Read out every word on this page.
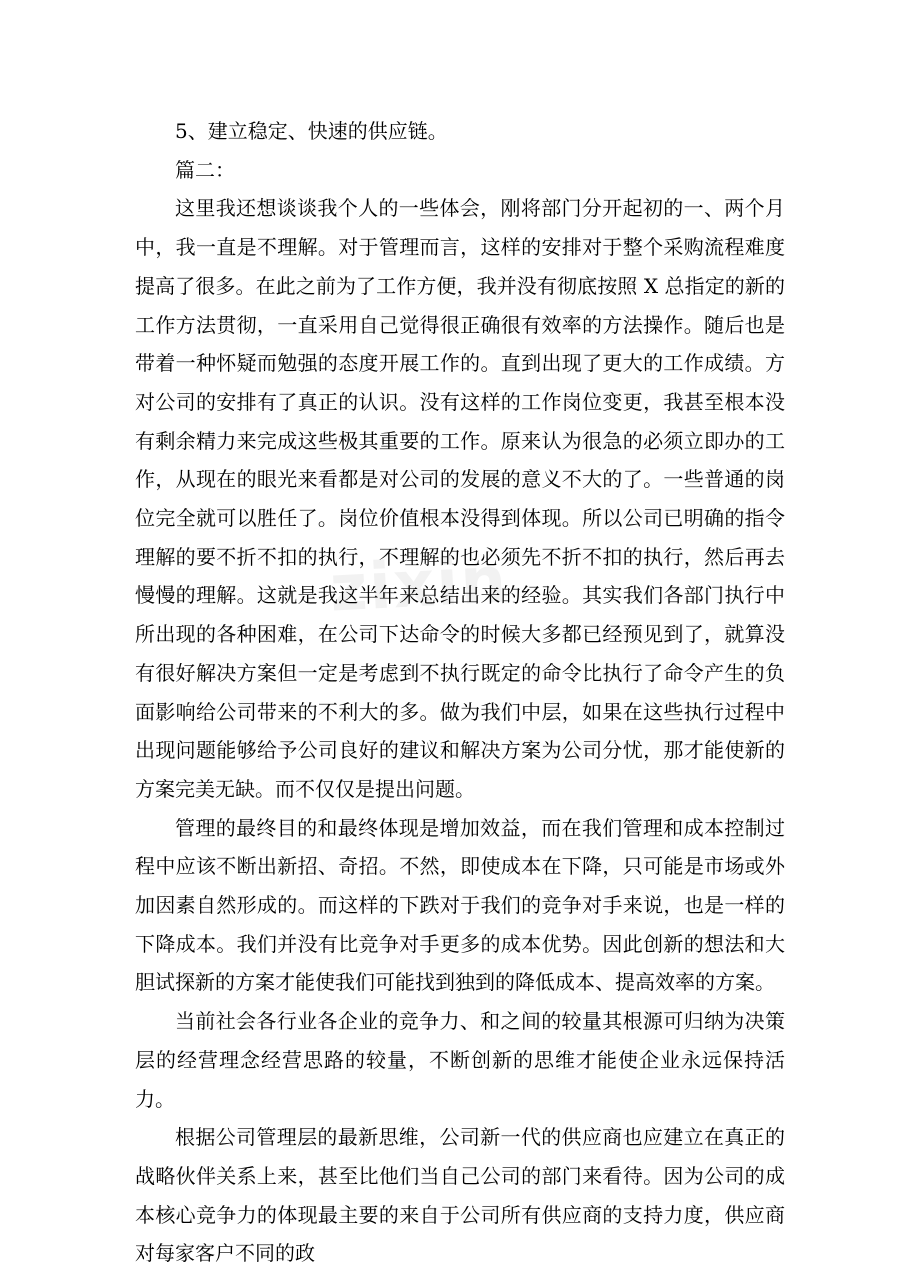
zixin

5、建立稳定、快速的供应链。

篇二：

这里我还想谈谈我个人的一些体会，刚将部门分开起初的一、两个月中，我一直是不理解。对于管理而言，这样的安排对于整个采购流程难度提高了很多。在此之前为了工作方便，我并没有彻底按照 X 总指定的新的工作方法贯彻，一直采用自己觉得很正确很有效率的方法操作。随后也是带着一种怀疑而勉强的态度开展工作的。直到出现了更大的工作成绩。方对公司的安排有了真正的认识。没有这样的工作岗位变更，我甚至根本没有剩余精力来完成这些极其重要的工作。原来认为很急的必须立即办的工作，从现在的眼光来看都是对公司的发展的意义不大的了。一些普通的岗位完全就可以胜任了。岗位价值根本没得到体现。所以公司已明确的指令理解的要不折不扣的执行，不理解的也必须先不折不扣的执行，然后再去慢慢的理解。这就是我这半年来总结出来的经验。其实我们各部门执行中所出现的各种困难，在公司下达命令的时候大多都已经预见到了，就算没有很好解决方案但一定是考虑到不执行既定的命令比执行了命令产生的负面影响给公司带来的不利大的多。做为我们中层，如果在这些执行过程中出现问题能够给予公司良好的建议和解决方案为公司分忧，那才能使新的方案完美无缺。而不仅仅是提出问题。

管理的最终目的和最终体现是增加效益，而在我们管理和成本控制过程中应该不断出新招、奇招。不然，即使成本在下降，只可能是市场或外加因素自然形成的。而这样的下跌对于我们的竞争对手来说，也是一样的下降成本。我们并没有比竞争对手更多的成本优势。因此创新的想法和大胆试探新的方案才能使我们可能找到独到的降低成本、提高效率的方案。

当前社会各行业各企业的竞争力、和之间的较量其根源可归纳为决策层的经营理念经营思路的较量，不断创新的思维才能使企业永远保持活力。

根据公司管理层的最新思维，公司新一代的供应商也应建立在真正的战略伙伴关系上来，甚至比他们当自己公司的部门来看待。因为公司的成本核心竞争力的体现最主要的来自于公司所有供应商的支持力度，供应商对每家客户不同的政
